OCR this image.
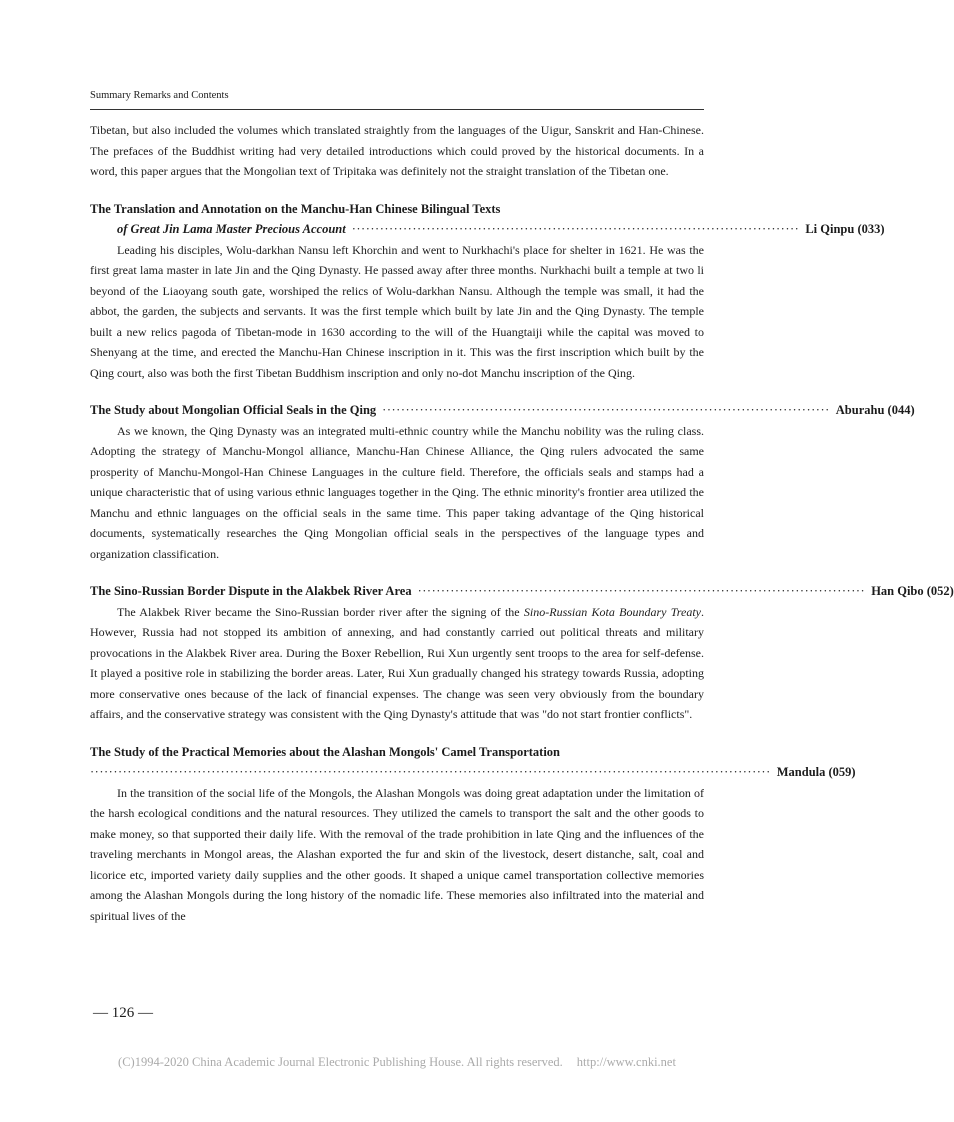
Summary Remarks and Contents

Tibetan, but also included the volumes which translated straightly from the languages of the Uigur, Sanskrit and Han-Chinese. The prefaces of the Buddhist writing had very detailed introductions which could proved by the historical documents. In a word, this paper argues that the Mongolian text of Tripitaka was definitely not the straight translation of the Tibetan one.

The Translation and Annotation on the Manchu-Han Chinese Bilingual Texts
of Great Jin Lama Master Precious Account ································································································ Li Qinpu (033)

Leading his disciples, Wolu-darkhan Nansu left Khorchin and went to Nurkhachi's place for shelter in 1621. He was the first great lama master in late Jin and the Qing Dynasty. He passed away after three months. Nurkhachi built a temple at two li beyond of the Liaoyang south gate, worshiped the relics of Wolu-darkhan Nansu. Although the temple was small, it had the abbot, the garden, the subjects and servants. It was the first temple which built by late Jin and the Qing Dynasty. The temple built a new relics pagoda of Tibetan-mode in 1630 according to the will of the Huangtaiji while the capital was moved to Shenyang at the time, and erected the Manchu-Han Chinese inscription in it. This was the first inscription which built by the Qing court, also was both the first Tibetan Buddhism inscription and only no-dot Manchu inscription of the Qing.

The Study about Mongolian Official Seals in the Qing ································································································ Aburahu (044)

As we known, the Qing Dynasty was an integrated multi-ethnic country while the Manchu nobility was the ruling class. Adopting the strategy of Manchu-Mongol alliance, Manchu-Han Chinese Alliance, the Qing rulers advocated the same prosperity of Manchu-Mongol-Han Chinese Languages in the culture field. Therefore, the officials seals and stamps had a unique characteristic that of using various ethnic languages together in the Qing. The ethnic minority's frontier area utilized the Manchu and ethnic languages on the official seals in the same time. This paper taking advantage of the Qing historical documents, systematically researches the Qing Mongolian official seals in the perspectives of the language types and organization classification.

The Sino-Russian Border Dispute in the Alakbek River Area ································································································ Han Qibo (052)

The Alakbek River became the Sino-Russian border river after the signing of the Sino-Russian Kota Boundary Treaty. However, Russia had not stopped its ambition of annexing, and had constantly carried out political threats and military provocations in the Alakbek River area. During the Boxer Rebellion, Rui Xun urgently sent troops to the area for self-defense. It played a positive role in stabilizing the border areas. Later, Rui Xun gradually changed his strategy towards Russia, adopting more conservative ones because of the lack of financial expenses. The change was seen very obviously from the boundary affairs, and the conservative strategy was consistent with the Qing Dynasty's attitude that was "do not start frontier conflicts".

The Study of the Practical Memories about the Alashan Mongols' Camel Transportation
·················································································································································· Mandula (059)

In the transition of the social life of the Mongols, the Alashan Mongols was doing great adaptation under the limitation of the harsh ecological conditions and the natural resources. They utilized the camels to transport the salt and the other goods to make money, so that supported their daily life. With the removal of the trade prohibition in late Qing and the influences of the traveling merchants in Mongol areas, the Alashan exported the fur and skin of the livestock, desert distanche, salt, coal and licorice etc, imported variety daily supplies and the other goods. It shaped a unique camel transportation collective memories among the Alashan Mongols during the long history of the nomadic life. These memories also infiltrated into the material and spiritual lives of the

— 126 —
(C)1994-2020 China Academic Journal Electronic Publishing House. All rights reserved. http://www.cnki.net
